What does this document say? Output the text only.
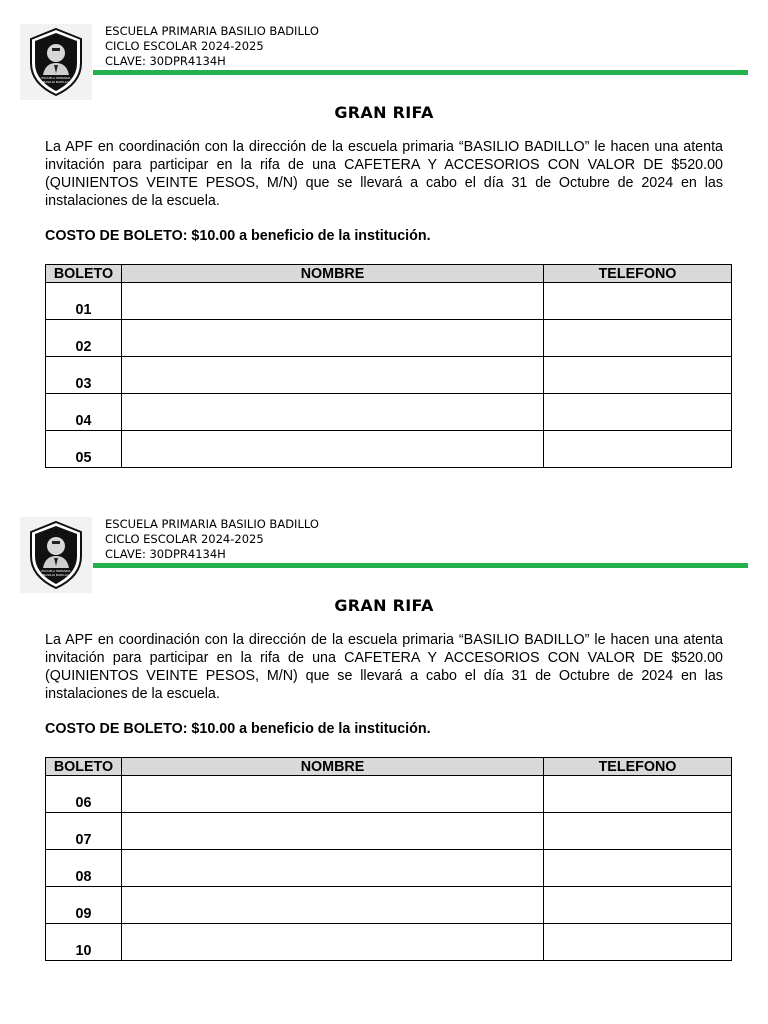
ESCUELA PRIMARIA
BASILIO BADILLO
ESCUELA PRIMARIA BASILIO BADILLO
CICLO ESCOLAR 2024-2025
CLAVE: 30DPR4134H
GRAN RIFA
La APF en coordinación con la dirección de la escuela primaria “BASILIO BADILLO” le hacen una atenta invitación para participar en la rifa de una CAFETERA Y ACCESORIOS CON VALOR DE $520.00 (QUINIENTOS VEINTE PESOS, M/N) que se llevará a cabo el día 31 de Octubre de 2024 en las instalaciones de la escuela.
COSTO DE BOLETO: $10.00 a beneficio de la institución.
BOLETO	NOMBRE	TELEFONO
01		
02		
03		
04		
05		
ESCUELA PRIMARIA
BASILIO BADILLO
ESCUELA PRIMARIA BASILIO BADILLO
CICLO ESCOLAR 2024-2025
CLAVE: 30DPR4134H
GRAN RIFA
La APF en coordinación con la dirección de la escuela primaria “BASILIO BADILLO” le hacen una atenta invitación para participar en la rifa de una CAFETERA Y ACCESORIOS CON VALOR DE $520.00 (QUINIENTOS VEINTE PESOS, M/N) que se llevará a cabo el día 31 de Octubre de 2024 en las instalaciones de la escuela.
COSTO DE BOLETO: $10.00 a beneficio de la institución.
BOLETO	NOMBRE	TELEFONO
06		
07		
08		
09		
10		
